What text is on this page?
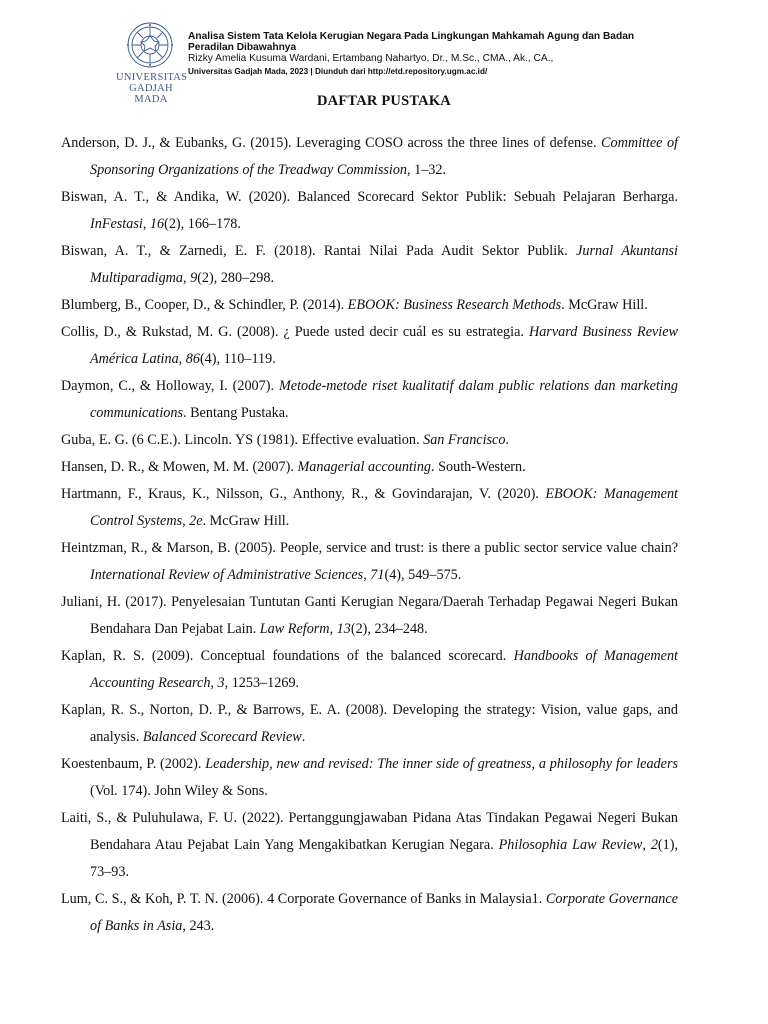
UNIVERSITAS
GADJAH MADA
Analisa Sistem Tata Kelola Kerugian Negara Pada Lingkungan Mahkamah Agung dan Badan Peradilan Dibawahnya
Rizky Amelia Kusuma Wardani, Ertambang Nahartyo, Dr., M.Sc., CMA., Ak., CA.,
Universitas Gadjah Mada, 2023 | Diunduh dari http://etd.repository.ugm.ac.id/
DAFTAR PUSTAKA

Anderson, D. J., & Eubanks, G. (2015). Leveraging COSO across the three lines of defense. Committee of Sponsoring Organizations of the Treadway Commission, 1–32.

Biswan, A. T., & Andika, W. (2020). Balanced Scorecard Sektor Publik: Sebuah Pelajaran Berharga. InFestasi, 16(2), 166–178.

Biswan, A. T., & Zarnedi, E. F. (2018). Rantai Nilai Pada Audit Sektor Publik. Jurnal Akuntansi Multiparadigma, 9(2), 280–298.

Blumberg, B., Cooper, D., & Schindler, P. (2014). EBOOK: Business Research Methods. McGraw Hill.

Collis, D., & Rukstad, M. G. (2008). ¿ Puede usted decir cuál es su estrategia. Harvard Business Review América Latina, 86(4), 110–119.

Daymon, C., & Holloway, I. (2007). Metode-metode riset kualitatif dalam public relations dan marketing communications. Bentang Pustaka.

Guba, E. G. (6 C.E.). Lincoln. YS (1981). Effective evaluation. San Francisco.

Hansen, D. R., & Mowen, M. M. (2007). Managerial accounting. South-Western.

Hartmann, F., Kraus, K., Nilsson, G., Anthony, R., & Govindarajan, V. (2020). EBOOK: Management Control Systems, 2e. McGraw Hill.

Heintzman, R., & Marson, B. (2005). People, service and trust: is there a public sector service value chain? International Review of Administrative Sciences, 71(4), 549–575.

Juliani, H. (2017). Penyelesaian Tuntutan Ganti Kerugian Negara/Daerah Terhadap Pegawai Negeri Bukan Bendahara Dan Pejabat Lain. Law Reform, 13(2), 234–248.

Kaplan, R. S. (2009). Conceptual foundations of the balanced scorecard. Handbooks of Management Accounting Research, 3, 1253–1269.

Kaplan, R. S., Norton, D. P., & Barrows, E. A. (2008). Developing the strategy: Vision, value gaps, and analysis. Balanced Scorecard Review.

Koestenbaum, P. (2002). Leadership, new and revised: The inner side of greatness, a philosophy for leaders (Vol. 174). John Wiley & Sons.

Laiti, S., & Puluhulawa, F. U. (2022). Pertanggungjawaban Pidana Atas Tindakan Pegawai Negeri Bukan Bendahara Atau Pejabat Lain Yang Mengakibatkan Kerugian Negara. Philosophia Law Review, 2(1), 73–93.

Lum, C. S., & Koh, P. T. N. (2006). 4 Corporate Governance of Banks in Malaysia1. Corporate Governance of Banks in Asia, 243.
